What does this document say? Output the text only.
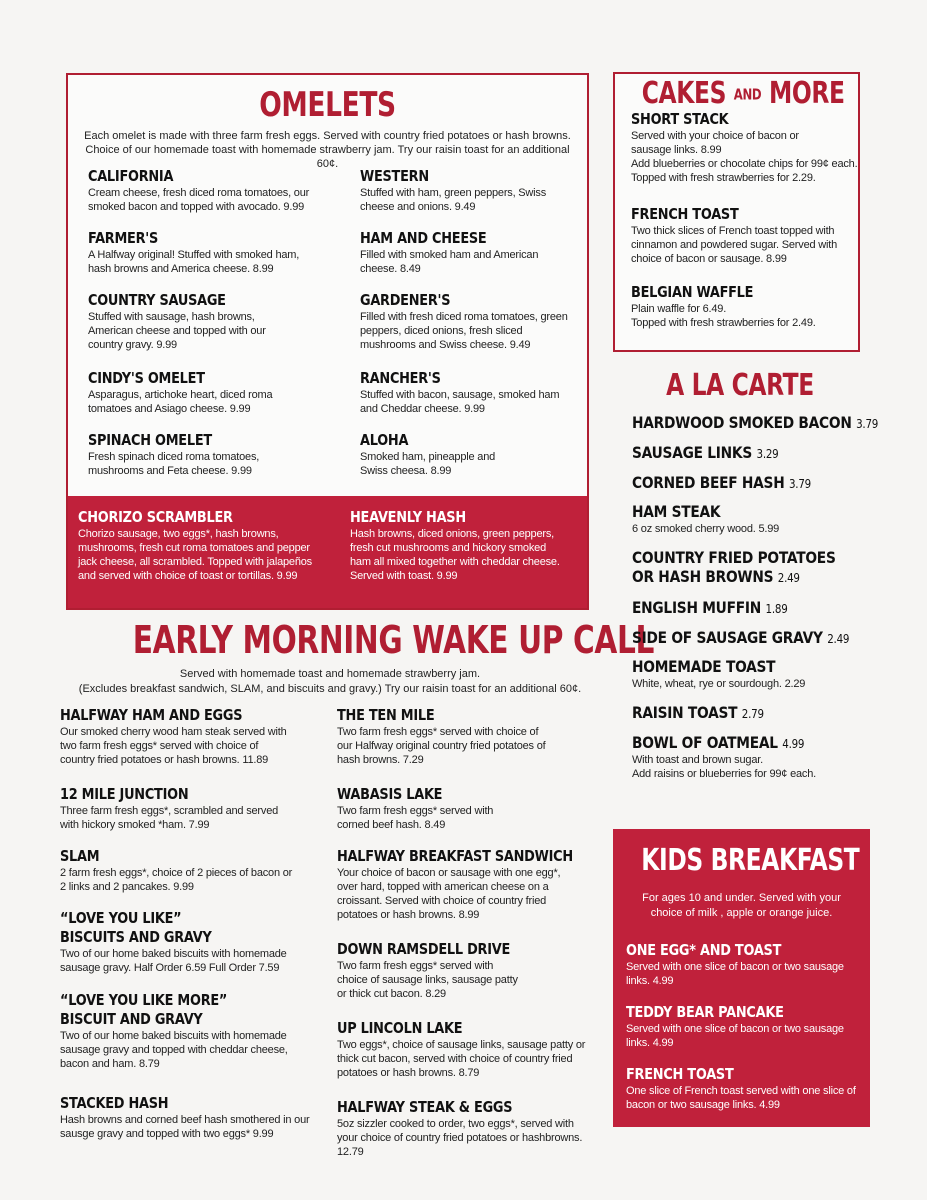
OMELETS
Each omelet is made with three farm fresh eggs. Served with country fried potatoes or hash browns. Choice of our homemade toast with homemade strawberry jam. Try our raisin toast for an additional 60¢.
CALIFORNIA
Cream cheese, fresh diced roma tomatoes, our smoked bacon and topped with avocado. 9.99
WESTERN
Stuffed with ham, green peppers, Swiss cheese and onions. 9.49
FARMER'S
A Halfway original! Stuffed with smoked ham, hash browns and America cheese. 8.99
HAM AND CHEESE
Filled with smoked ham and American cheese. 8.49
COUNTRY SAUSAGE
Stuffed with sausage, hash browns, American cheese and topped with our country gravy. 9.99
GARDENER'S
Filled with fresh diced roma tomatoes, green peppers, diced onions, fresh sliced mushrooms and Swiss cheese. 9.49
CINDY'S OMELET
Asparagus, artichoke heart, diced roma tomatoes and Asiago cheese. 9.99
RANCHER'S
Stuffed with bacon, sausage, smoked ham and Cheddar cheese. 9.99
SPINACH OMELET
Fresh spinach diced roma tomatoes, mushrooms and Feta cheese. 9.99
ALOHA
Smoked ham, pineapple and Swiss cheesa. 8.99
CHORIZO SCRAMBLER
Chorizo sausage, two eggs*, hash browns, mushrooms, fresh cut roma tomatoes and pepper jack cheese, all scrambled. Topped with jalapeños and served with choice of toast or tortillas. 9.99
HEAVENLY HASH
Hash browns, diced onions, green peppers, fresh cut mushrooms and hickory smoked ham all mixed together with cheddar cheese. Served with toast. 9.99
EARLY MORNING WAKE UP CALL
Served with homemade toast and homemade strawberry jam.
(Excludes breakfast sandwich, SLAM, and biscuits and gravy.) Try our raisin toast for an additional 60¢.
HALFWAY HAM AND EGGS
Our smoked cherry wood ham steak served with two farm fresh eggs* served with choice of country fried potatoes or hash browns. 11.89
12 MILE JUNCTION
Three farm fresh eggs*, scrambled and served with hickory smoked *ham. 7.99
SLAM
2 farm fresh eggs*, choice of 2 pieces of bacon or 2 links and 2 pancakes. 9.99
“LOVE YOU LIKE”
BISCUITS AND GRAVY
Two of our home baked biscuits with homemade sausage gravy. Half Order 6.59 Full Order 7.59
“LOVE YOU LIKE MORE”
BISCUIT AND GRAVY
Two of our home baked biscuits with homemade sausage gravy and topped with cheddar cheese, bacon and ham. 8.79
STACKED HASH
Hash browns and corned beef hash smothered in our sausge gravy and topped with two eggs* 9.99
THE TEN MILE
Two farm fresh eggs* served with choice of our Halfway original country fried potatoes of hash browns. 7.29
WABASIS LAKE
Two farm fresh eggs* served with corned beef hash. 8.49
HALFWAY BREAKFAST SANDWICH
Your choice of bacon or sausage with one egg*, over hard, topped with american cheese on a croissant. Served with choice of country fried potatoes or hash browns. 8.99
DOWN RAMSDELL DRIVE
Two farm fresh eggs* served with choice of sausage links, sausage patty or thick cut bacon. 8.29
UP LINCOLN LAKE
Two eggs*, choice of sausage links, sausage patty or thick cut bacon, served with choice of country fried potatoes or hash browns. 8.79
HALFWAY STEAK & EGGS
5oz sizzler cooked to order, two eggs*, served with your choice of country fried potatoes or hashbrowns. 12.79
CAKES AND MORE
SHORT STACK
Served with your choice of bacon or sausage links. 8.99
Add blueberries or chocolate chips for 99¢ each. Topped with fresh strawberries for 2.29.
FRENCH TOAST
Two thick slices of French toast topped with cinnamon and powdered sugar. Served with choice of bacon or sausage. 8.99
BELGIAN WAFFLE
Plain waffle for 6.49.
Topped with fresh strawberries for 2.49.
A LA CARTE
HARDWOOD SMOKED BACON 3.79
SAUSAGE LINKS 3.29
CORNED BEEF HASH 3.79
HAM STEAK
6 oz smoked cherry wood. 5.99
COUNTRY FRIED POTATOES
OR HASH BROWNS 2.49
ENGLISH MUFFIN 1.89
SIDE OF SAUSAGE GRAVY 2.49
HOMEMADE TOAST
White, wheat, rye or sourdough. 2.29
RAISIN TOAST 2.79
BOWL OF OATMEAL 4.99
With toast and brown sugar.
Add raisins or blueberries for 99¢ each.
KIDS BREAKFAST
For ages 10 and under. Served with your choice of milk , apple or orange juice.
ONE EGG* AND TOAST
Served with one slice of bacon or two sausage links. 4.99
TEDDY BEAR PANCAKE
Served with one slice of bacon or two sausage links. 4.99
FRENCH TOAST
One slice of French toast served with one slice of bacon or two sausage links. 4.99
